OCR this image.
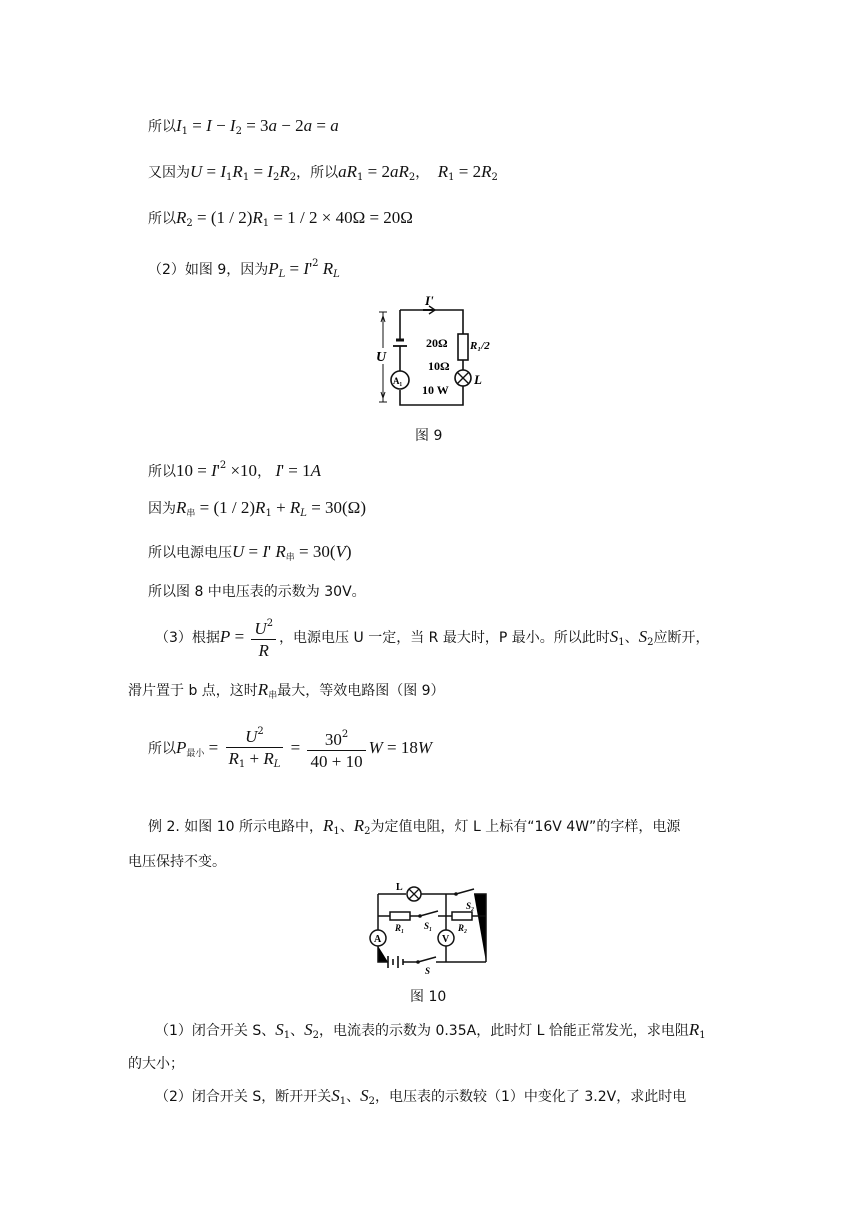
所以$I_1 = I - I_2 = 3a - 2a = a$
又因为$U = I_1R_1 = I_2R_2$，所以$aR_1 = 2aR_2$， $R_1 = 2R_2$
所以$R_2 = (1 / 2)R_1 = 1 / 2 \times 40\Omega = 20\Omega$
（2）如图 9，因为$P_L = I'^2$ $R_L$
I'
U
20Ω R₁/2
10Ω
10 W
L
A₁
图 9
所以$10 = I'^2 \times 10$， I' = 1A
因为$R_串 = (1 / 2)R_1 + R_L = 30(\Omega)$
所以电源电压U = I' $R_串 = 30(V)$
所以图 8 中电压表的示数为 30V。
（3）根据$P = \frac{U^2}{R}$ ，电源电压 U 一定，当 R 最大时，P 最小。所以此时$S_1$、$S_2$应断开，
滑片置于 b 点，这时$R_串$最大，等效电路图（图 9）
所以$P_{最小} = \frac{U^2}{R_1 + R_L} = \frac{30^2}{40 + 10}$ W = 18W
例 2. 如图 10 所示电路中，$R_1$、$R_2$为定值电阻，灯 L 上标有“16V 4W”的字样，电源
电压保持不变。
L
S₂
R₁ S₁	R₂
A	V
S
图 10
（1）闭合开关 S、$S_1$、$S_2$，电流表的示数为 0.35A，此时灯 L 恰能正常发光，求电阻$R_1$
的大小；
（2）闭合开关 S，断开开关$S_1$、$S_2$，电压表的示数较（1）中变化了 3.2V，求此时电
